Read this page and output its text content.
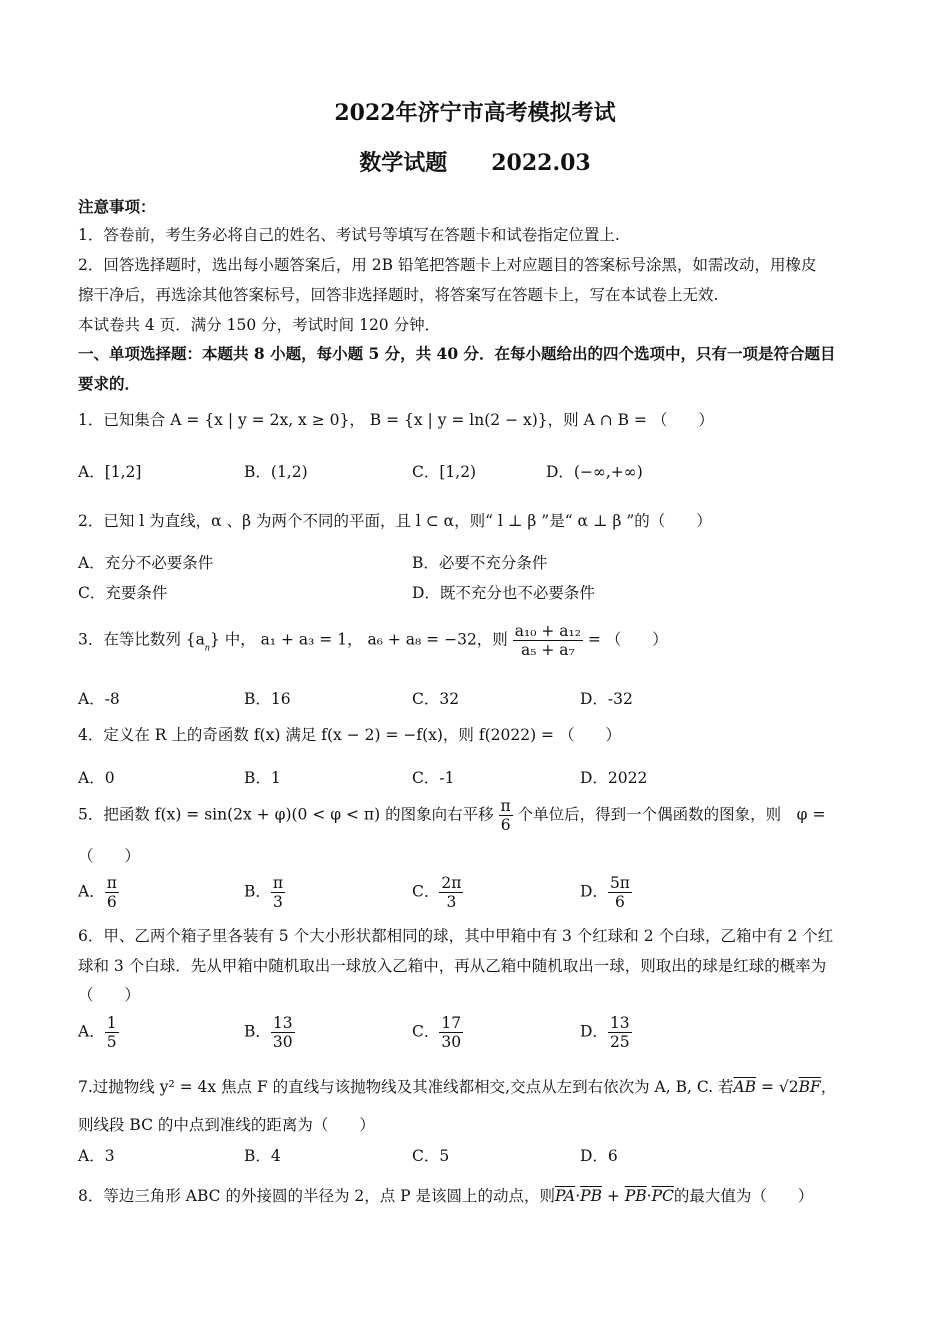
2022年济宁市高考模拟考试
数学试题　　2022.03
注意事项：
1．答卷前，考生务必将自己的姓名、考试号等填写在答题卡和试卷指定位置上.
2．回答选择题时，选出每小题答案后，用 2B 铅笔把答题卡上对应题目的答案标号涂黑，如需改动，用橡皮
擦干净后，再选涂其他答案标号，回答非选择题时，将答案写在答题卡上，写在本试卷上无效.
本试卷共 4 页．满分 150 分，考试时间 120 分钟．
一、单项选择题：本题共 8 小题，每小题 5 分，共 40 分．在每小题给出的四个选项中，只有一项是符合题目
要求的．
1．已知集合 A = {x | y = 2x, x ≥ 0}， B = {x | y = ln(2 − x)}，则 A ∩ B = （　　）
A．[1,2]	B．(1,2)	C．[1,2)	D．(−∞,+∞)
2．已知 l 为直线，α 、β 为两个不同的平面，且 l ⊂ α，则“ l ⊥ β ”是“ α ⊥ β ”的（　　）
A．充分不必要条件	B．必要不充分条件
C．充要条件	D．既不充分也不必要条件
3．在等比数列 $\{a_n\}$ 中， a₁ + a₃ = 1， a₆ + a₈ = −32，则 $\frac{\text{a₁₀ + a₁₂}}{\text{a₅ + a₇}}$ = （　　）
A．-8	B．16	C．32	D．-32
4．定义在 R 上的奇函数 f(x) 满足 f(x − 2) = −f(x)，则 f(2022) = （　　）
A．0	B．1	C．-1	D．2022
5．把函数 f(x) = sin(2x + φ)(0 < φ < π) 的图象向右平移 $\frac{\pi}{6}$ 个单位后，得到一个偶函数的图象，则　φ =
（　　）
A． $\frac{\pi}{6}$	B． $\frac{\pi}{3}$	C． $\frac{2\pi}{3}$	D． $\frac{5\pi}{6}$
6．甲、乙两个箱子里各装有 5 个大小形状都相同的球，其中甲箱中有 3 个红球和 2 个白球，乙箱中有 2 个红
球和 3 个白球．先从甲箱中随机取出一球放入乙箱中，再从乙箱中随机取出一球，则取出的球是红球的概率为
（　　）
A． $\frac{1}{5}$	B． $\frac{13}{30}$	C． $\frac{17}{30}$	D． $\frac{13}{25}$
7.过抛物线 y² = 4x 焦点 F 的直线与该抛物线及其准线都相交,交点从左到右依次为 A, B, C. 若$\overline{AB} = √2\overline{BF}$，
则线段 BC 的中点到准线的距离为（　　）
A．3	B．4	C．5	D．6
8．等边三角形 ABC 的外接圆的半径为 2，点 P 是该圆上的动点，则$\overline{PA}\cdot\overline{PB} + \overline{PB}\cdot\overline{PC}$的最大值为（　　）
